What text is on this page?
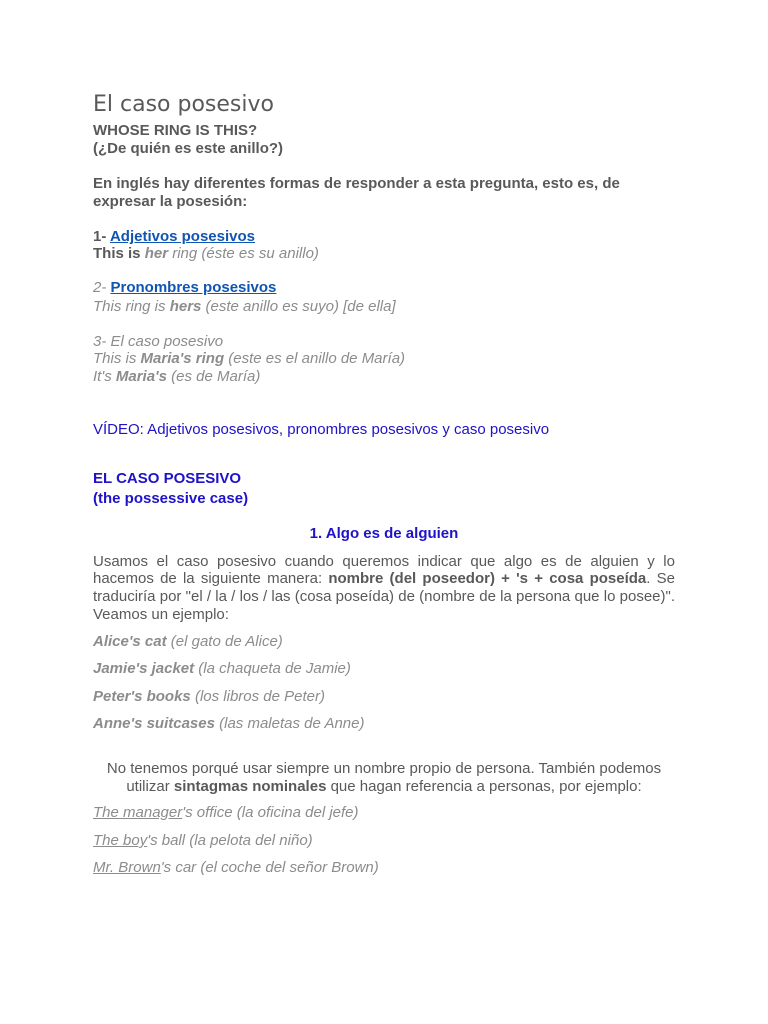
El caso posesivo
WHOSE RING IS THIS?
(¿De quién es este anillo?)
En inglés hay diferentes formas de responder a esta pregunta, esto es, de
expresar la posesión:
1- Adjetivos posesivos
This is her ring (éste es su anillo)
2- Pronombres posesivos
This ring is hers (este anillo es suyo) [de ella]
3- El caso posesivo
This is Maria's ring (este es el anillo de María)
It's Maria's (es de María)
VÍDEO: Adjetivos posesivos, pronombres posesivos y caso posesivo
EL CASO POSESIVO
(the possessive case)
1. Algo es de alguien
Usamos el caso posesivo cuando queremos indicar que algo es de alguien y lo
hacemos de la siguiente manera: nombre (del poseedor) + 's + cosa poseída. Se
traduciría por "el / la / los / las (cosa poseída) de (nombre de la persona que lo posee)".
Veamos un ejemplo:
Alice's cat (el gato de Alice)
Jamie's jacket (la chaqueta de Jamie)
Peter's books (los libros de Peter)
Anne's suitcases (las maletas de Anne)
No tenemos porqué usar siempre un nombre propio de persona. También podemos
utilizar sintagmas nominales que hagan referencia a personas, por ejemplo:
The manager's office (la oficina del jefe)
The boy's ball (la pelota del niño)
Mr. Brown's car (el coche del señor Brown)
